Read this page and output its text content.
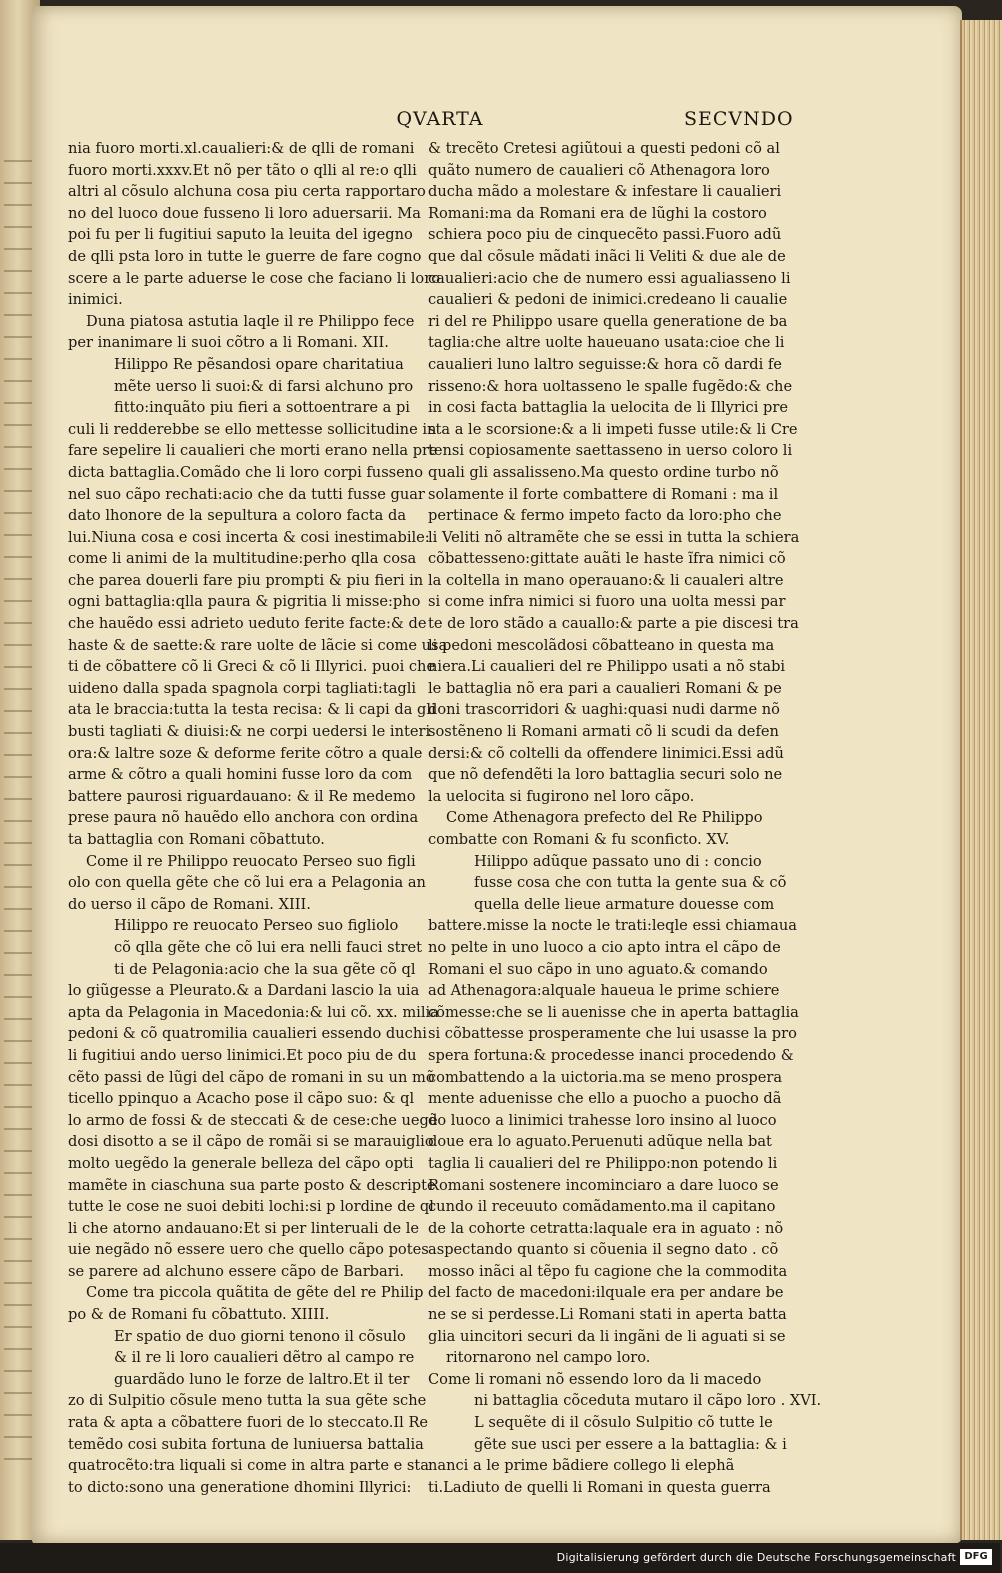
QVARTA	SECVNDO
nia fuoro morti.xl.caualieri:& de qlli de romani
fuoro morti.xxxv.Et nõ per tãto o qlli al re:o qlli
altri al cõsulo alchuna cosa piu certa rapportaro
no del luoco doue fusseno li loro aduersarii. Ma
poi fu per li fugitiui saputo la leuita del igegno
de qlli psta loro in tutte le guerre de fare cogno
scere a le parte aduerse le cose che faciano li loro
inimici.
Duna piatosa astutia laqle il re Philippo fece
per inanimare li suoi cõtro a li Romani. XII.
Hilippo Re pẽsandosi opare charitatiua
mẽte uerso li suoi:& di farsi alchuno pro
fitto:inquãto piu fieri a sottoentrare a pi
culi li redderebbe se ello mettesse sollicitudine in
fare sepelire li caualieri che morti erano nella pre
dicta battaglia.Comãdo che li loro corpi fusseno
nel suo cãpo rechati:acio che da tutti fusse guar
dato lhonore de la sepultura a coloro facta da
lui.Niuna cosa e cosi incerta & cosi inestimabile:
come li animi de la multitudine:perho qlla cosa
che parea douerli fare piu prompti & piu fieri in
ogni battaglia:qlla paura & pigritia li misse:pho
che hauẽdo essi adrieto ueduto ferite facte:& de
haste & de saette:& rare uolte de lãcie si come usa
ti de cõbattere cõ li Greci & cõ li Illyrici. puoi che
uideno dalla spada spagnola corpi tagliati:tagli
ata le braccia:tutta la testa recisa: & li capi da gli
busti tagliati & diuisi:& ne corpi uedersi le interi
ora:& laltre soze & deforme ferite cõtro a quale
arme & cõtro a quali homini fusse loro da com
battere paurosi riguardauano: & il Re medemo
prese paura nõ hauẽdo ello anchora con ordina
ta battaglia con Romani cõbattuto.
Come il re Philippo reuocato Perseo suo figli
olo con quella gẽte che cõ lui era a Pelagonia an
do uerso il cãpo de Romani. XIII.
Hilippo re reuocato Perseo suo figliolo
cõ qlla gẽte che cõ lui era nelli fauci stret
ti de Pelagonia:acio che la sua gẽte cõ ql
lo giũgesse a Pleurato.& a Dardani lascio la uia
apta da Pelagonia in Macedonia:& lui cõ. xx. milia
pedoni & cõ quatromilia caualieri essendo duchi
li fugitiui ando uerso linimici.Et poco piu de du
cẽto passi de lũgi del cãpo de romani in su un mõ
ticello ppinquo a Acacho pose il cãpo suo: & ql
lo armo de fossi & de steccati & de cese:che uegẽ
dosi disotto a se il cãpo de romãi si se marauiglio
molto uegẽdo la generale belleza del cãpo opti
mamẽte in ciaschuna sua parte posto & descripte
tutte le cose ne suoi debiti lochi:si p lordine de ql
li che atorno andauano:Et si per linteruali de le
uie negãdo nõ essere uero che quello cãpo potes
se parere ad alchuno essere cãpo de Barbari.
Come tra piccola quãtita de gẽte del re Philip
po & de Romani fu cõbattuto. XIIII.
Er spatio de duo giorni tenono il cõsulo
& il re li loro caualieri dẽtro al campo re
guardãdo luno le forze de laltro.Et il ter
zo di Sulpitio cõsule meno tutta la sua gẽte sche
rata & apta a cõbattere fuori de lo steccato.Il Re
temẽdo cosi subita fortuna de luniuersa battalia
quatrocẽto:tra liquali si come in altra parte e sta
to dicto:sono una generatione dhomini Illyrici:
& trecẽto Cretesi agiũtoui a questi pedoni cõ al
quãto numero de caualieri cõ Athenagora loro
ducha mãdo a molestare & infestare li caualieri
Romani:ma da Romani era de lũghi la costoro
schiera poco piu de cinquecẽto passi.Fuoro adũ
que dal cõsule mãdati inãci li Veliti & due ale de
caualieri:acio che de numero essi agualiasseno li
caualieri & pedoni de inimici.credeano li caualie
ri del re Philippo usare quella generatione de ba
taglia:che altre uolte haueuano usata:cioe che li
caualieri luno laltro seguisse:& hora cõ dardi fe
risseno:& hora uoltasseno le spalle fugẽdo:& che
in cosi facta battaglia la uelocita de li Illyrici pre
sta a le scorsione:& a li impeti fusse utile:& li Cre
tensi copiosamente saettasseno in uerso coloro li
quali gli assalisseno.Ma questo ordine turbo nõ
solamente il forte combattere di Romani : ma il
pertinace & fermo impeto facto da loro:pho che
li Veliti nõ altramẽte che se essi in tutta la schiera
cõbattesseno:gittate auãti le haste ĩfra nimici cõ
la coltella in mano operauano:& li caualeri altre
si come infra nimici si fuoro una uolta messi par
te de loro stãdo a cauallo:& parte a pie discesi tra
li pedoni mescolãdosi cõbatteano in questa ma
niera.Li caualieri del re Philippo usati a nõ stabi
le battaglia nõ era pari a caualieri Romani & pe
doni trascorridori & uaghi:quasi nudi darme nõ
sostẽneno li Romani armati cõ li scudi da defen
dersi:& cõ coltelli da offendere linimici.Essi adũ
que nõ defendẽti la loro battaglia securi solo ne
la uelocita si fugirono nel loro cãpo.
Come Athenagora prefecto del Re Philippo
combatte con Romani & fu sconficto. XV.
Hilippo adũque passato uno di : concio
fusse cosa che con tutta la gente sua & cõ
quella delle lieue armature douesse com
battere.misse la nocte le trati:leqle essi chiamaua
no pelte in uno luoco a cio apto intra el cãpo de
Romani el suo cãpo in uno aguato.& comando
ad Athenagora:alquale haueua le prime schiere
cõmesse:che se li auenisse che in aperta battaglia
si cõbattesse prosperamente che lui usasse la pro
spera fortuna:& procedesse inanci procedendo &
combattendo a la uictoria.ma se meno prospera
mente aduenisse che ello a puocho a puocho dã
do luoco a linimici trahesse loro insino al luoco
doue era lo aguato.Peruenuti adũque nella bat
taglia li caualieri del re Philippo:non potendo li
Romani sostenere incominciaro a dare luoco se
cundo il receuuto comãdamento.ma il capitano
de la cohorte cetratta:laquale era in aguato : nõ
aspectando quanto si cõuenia il segno dato . cõ
mosso inãci al tẽpo fu cagione che la commodita
del facto de macedoni:ilquale era per andare be
ne se si perdesse.Li Romani stati in aperta batta
glia uincitori securi da li ingãni de li aguati si se
ritornarono nel campo loro.
Come li romani nõ essendo loro da li macedo
ni battaglia cõceduta mutaro il cãpo loro . XVI.
L sequẽte di il cõsulo Sulpitio cõ tutte le
gẽte sue usci per essere a la battaglia: & i
nanci a le prime bãdiere collego li elephã
ti.Ladiuto de quelli li Romani in questa guerra
Digitalisierung gefördert durch die Deutsche Forschungsgemeinschaft DFG
